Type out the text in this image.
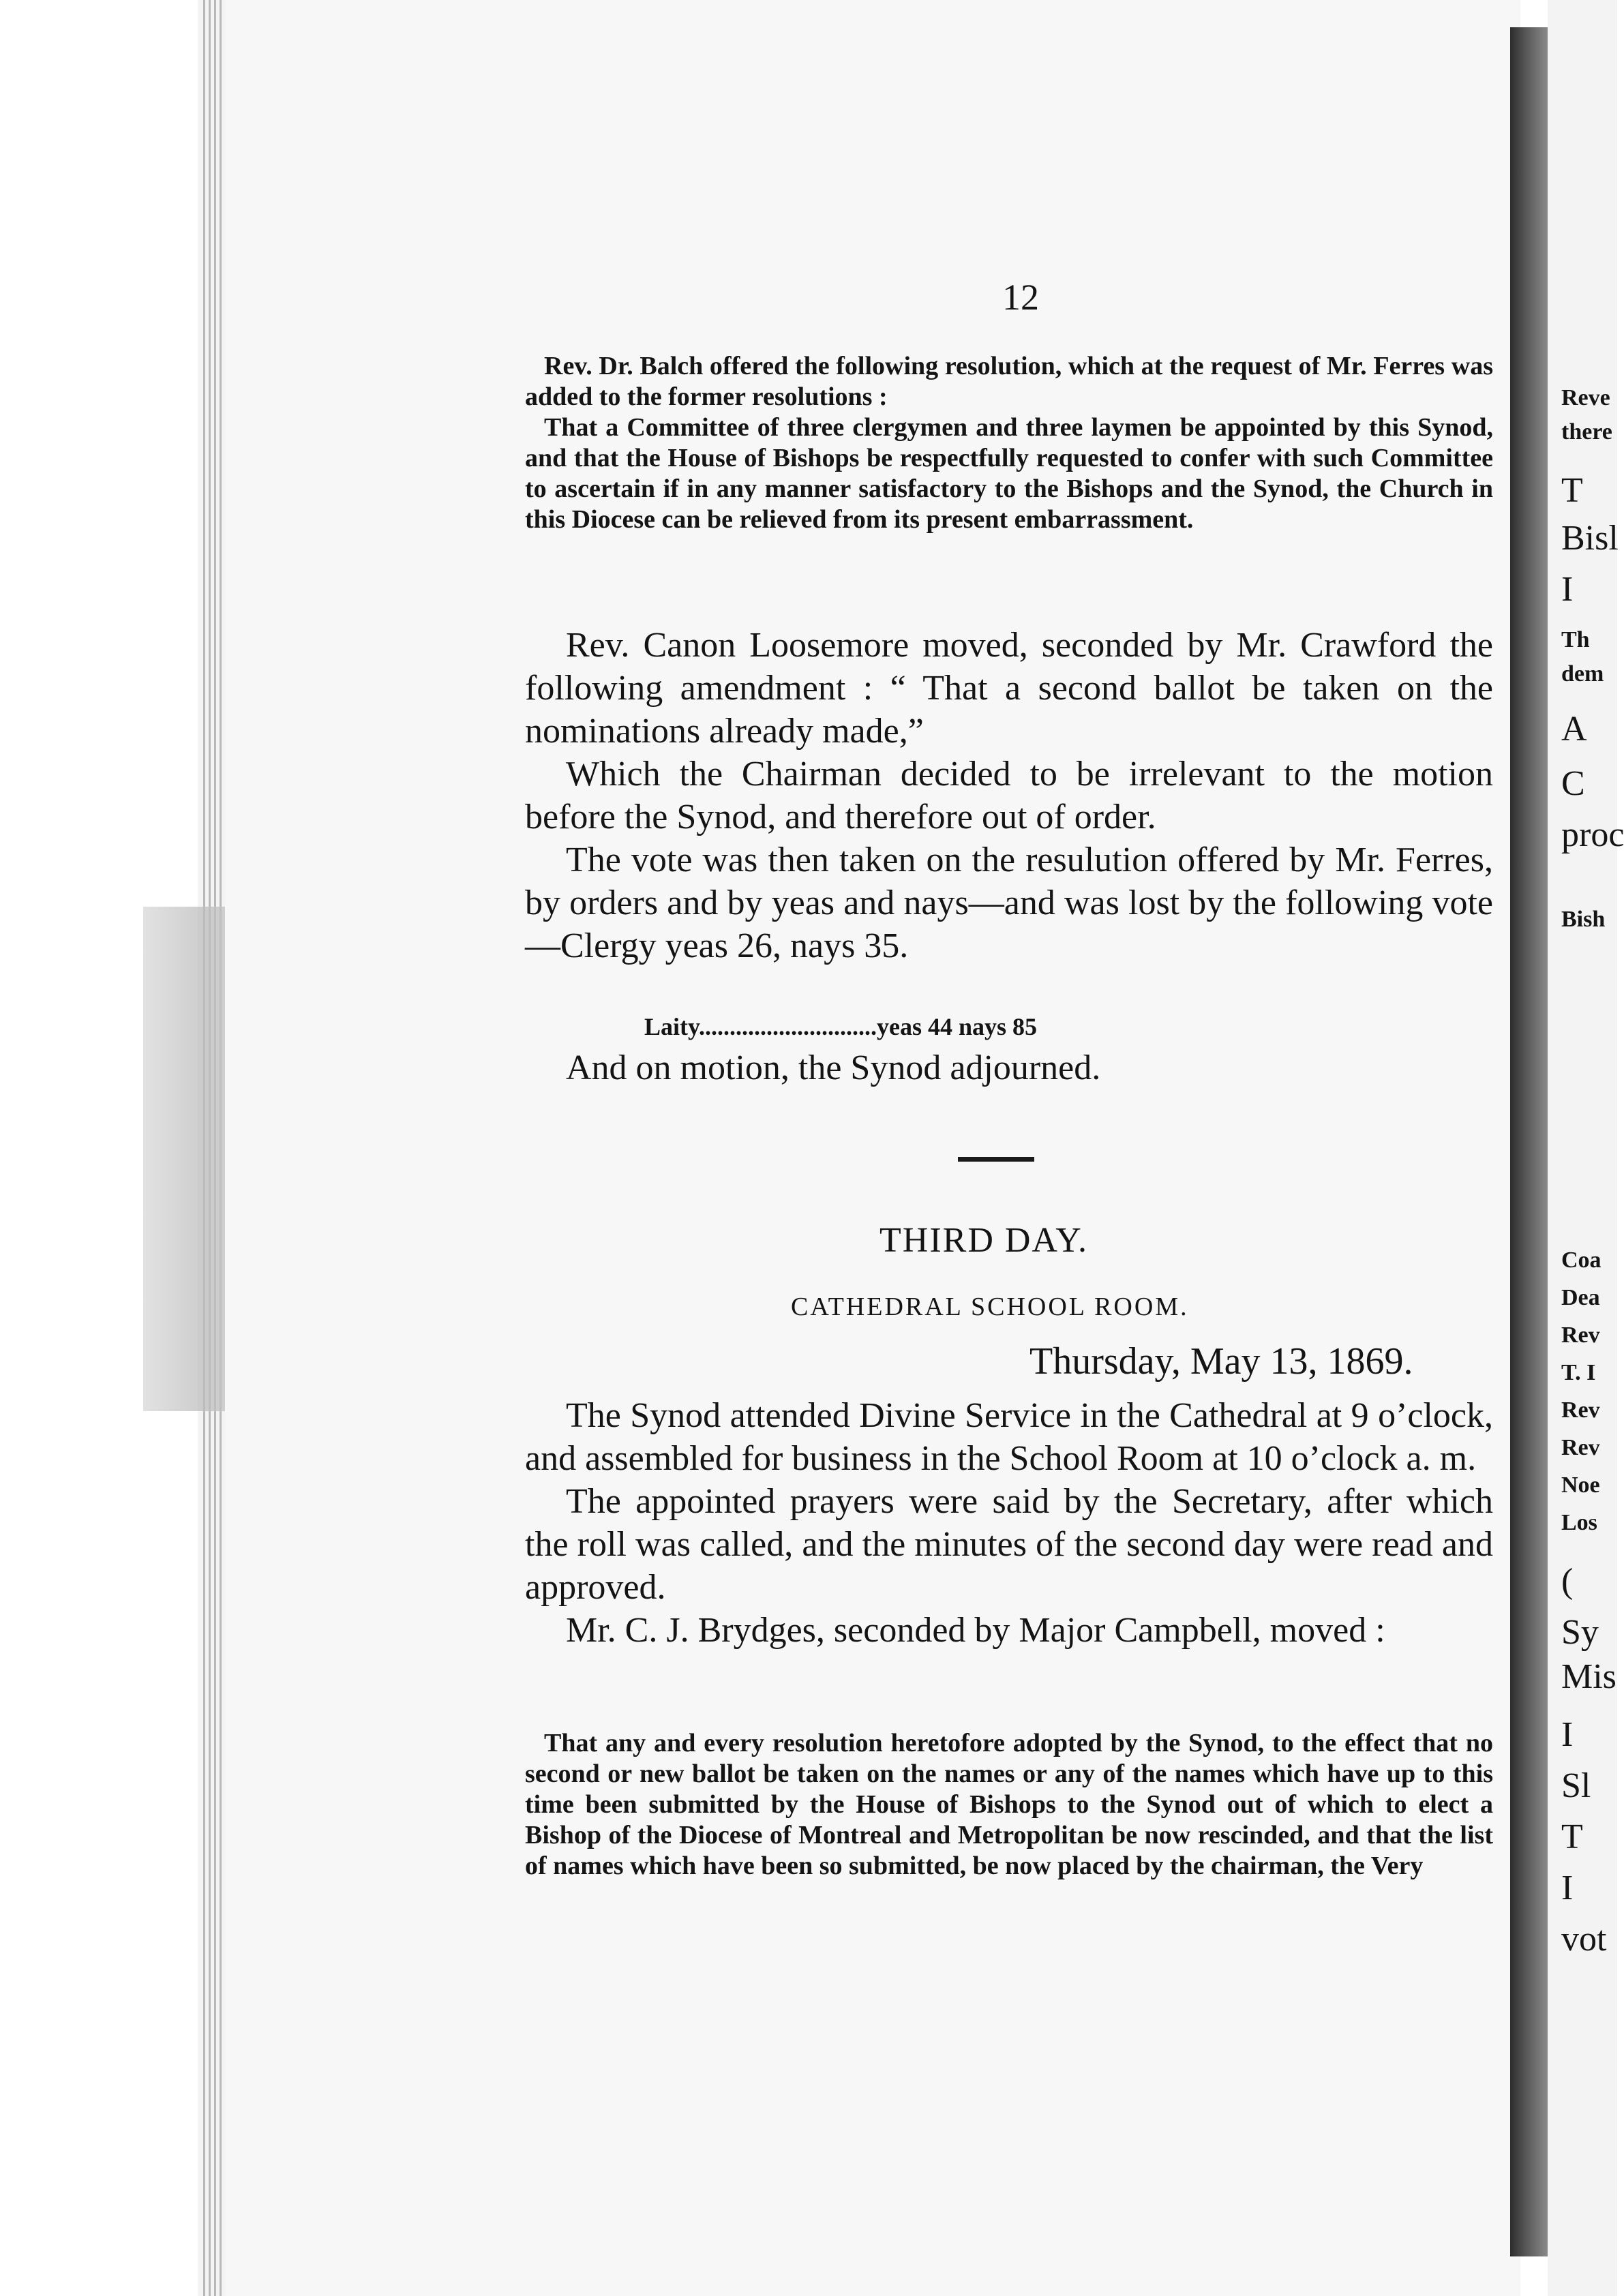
12

Rev. Dr. Balch offered the following resolution, which at the request of Mr. Ferres was added to the former resolutions :

That a Committee of three clergymen and three laymen be appointed by this Synod, and that the House of Bishops be respectfully requested to confer with such Committee to ascertain if in any manner satisfactory to the Bishops and the Synod, the Church in this Diocese can be relieved from its present embarrassment.

Rev. Canon Loosemore moved, seconded by Mr. Crawford the following amendment : “ That a second ballot be taken on the nominations already made,”

Which the Chairman decided to be irrelevant to the motion before the Synod, and therefore out of order.

The vote was then taken on the resulution offered by Mr. Ferres, by orders and by yeas and nays—and was lost by the following vote—Clergy yeas 26, nays 35.

Laity.............................yeas 44 nays 85

And on motion, the Synod adjourned.

THIRD DAY.
CATHEDRAL SCHOOL ROOM.
Thursday, May 13, 1869.

The Synod attended Divine Service in the Cathedral at 9 o’clock, and assembled for business in the School Room at 10 o’clock a. m.

The appointed prayers were said by the Secretary, after which the roll was called, and the minutes of the second day were read and approved.

Mr. C. J. Brydges, seconded by Major Campbell, moved :

That any and every resolution heretofore adopted by the Synod, to the effect that no second or new ballot be taken on the names or any of the names which have up to this time been submitted by the House of Bishops to the Synod out of which to elect a Bishop of the Diocese of Montreal and Metropolitan be now rescinded, and that the list of names which have been so submitted, be now placed by the chairman, the Very

Reve
there
T
Bisl
I
Th
dem
A
C
proc
Bish
Coa
Dea
Rev
T. I
Rev
Rev
Noe
Los
(
Sy
Mis
I
Sl
T
I
vot
